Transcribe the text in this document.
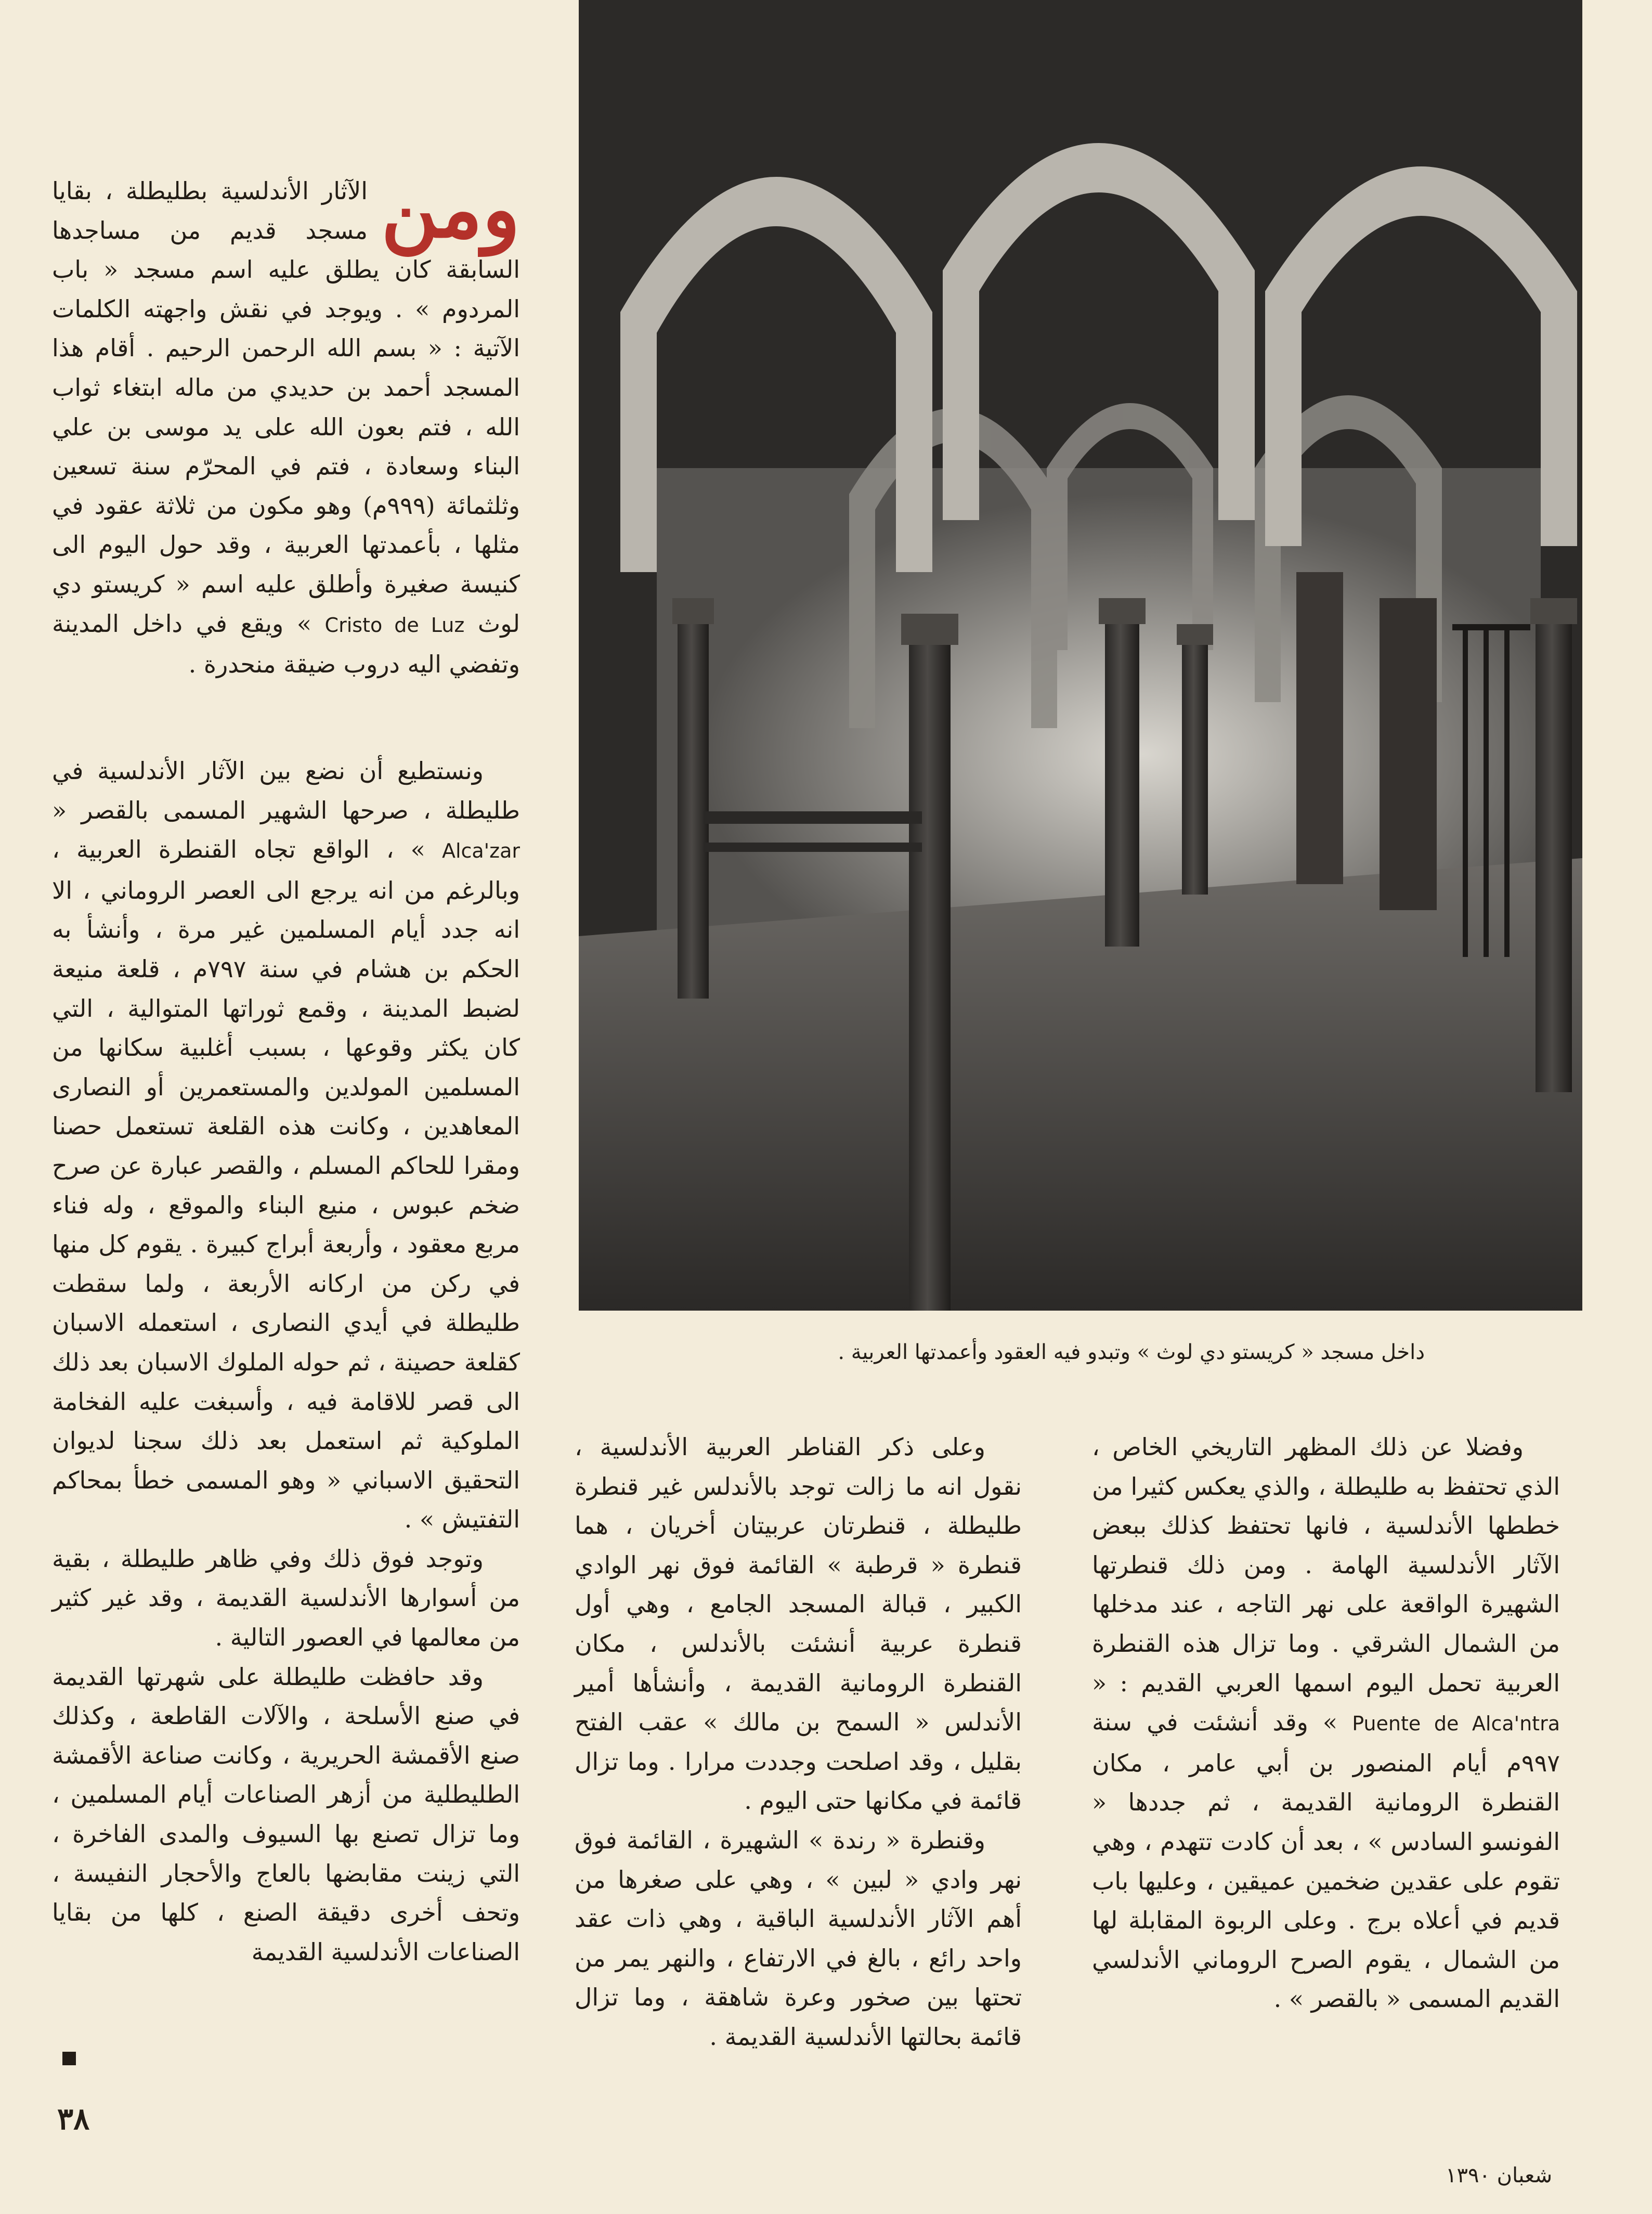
داخل مسجد « كريستو دي لوث » وتبدو فيه العقود وأعمدتها العربية .

ومن
الآثار الأندلسية بطليطلة ، بقايا مسجد قديم من مساجدها السابقة كان يطلق عليه اسم مسجد « باب المردوم » . ويوجد في نقش واجهته الكلمات الآتية : « بسم الله الرحمن الرحيم . أقام هذا المسجد أحمد بن حديدي من ماله ابتغاء ثواب الله ، فتم بعون الله على يد موسى بن علي البناء وسعادة ، فتم في المحرّم سنة تسعين وثلثمائة (٩٩٩م) وهو مكون من ثلاثة عقود في مثلها ، بأعمدتها العربية ، وقد حول اليوم الى كنيسة صغيرة وأطلق عليه اسم « كريستو دي لوث Cristo de Luz » ويقع في داخل المدينة وتفضي اليه دروب ضيقة منحدرة .

ونستطيع أن نضع بين الآثار الأندلسية في طليطلة ، صرحها الشهير المسمى بالقصر « Alca'zar » ، الواقع تجاه القنطرة العربية ، وبالرغم من انه يرجع الى العصر الروماني ، الا انه جدد أيام المسلمين غير مرة ، وأنشأ به الحكم بن هشام في سنة ٧٩٧م ، قلعة منيعة لضبط المدينة ، وقمع ثوراتها المتوالية ، التي كان يكثر وقوعها ، بسبب أغلبية سكانها من المسلمين المولدين والمستعمرين أو النصارى المعاهدين ، وكانت هذه القلعة تستعمل حصنا ومقرا للحاكم المسلم ، والقصر عبارة عن صرح ضخم عبوس ، منيع البناء والموقع ، وله فناء مربع معقود ، وأربعة أبراج كبيرة . يقوم كل منها في ركن من اركانه الأربعة ، ولما سقطت طليطلة في أيدي النصارى ، استعمله الاسبان كقلعة حصينة ، ثم حوله الملوك الاسبان بعد ذلك الى قصر للاقامة فيه ، وأسبغت عليه الفخامة الملوكية ثم استعمل بعد ذلك سجنا لديوان التحقيق الاسباني « وهو المسمى خطأ بمحاكم التفتيش » .

وتوجد فوق ذلك وفي ظاهر طليطلة ، بقية من أسوارها الأندلسية القديمة ، وقد غير كثير من معالمها في العصور التالية .

وقد حافظت طليطلة على شهرتها القديمة في صنع الأسلحة ، والآلات القاطعة ، وكذلك صنع الأقمشة الحريرية ، وكانت صناعة الأقمشة الطليطلية من أزهر الصناعات أيام المسلمين ، وما تزال تصنع بها السيوف والمدى الفاخرة ، التي زينت مقابضها بالعاج والأحجار النفيسة ، وتحف أخرى دقيقة الصنع ، كلها من بقايا الصناعات الأندلسية القديمة

وعلى ذكر القناطر العربية الأندلسية ، نقول انه ما زالت توجد بالأندلس غير قنطرة طليطلة ، قنطرتان عربيتان أخريان ، هما قنطرة « قرطبة » القائمة فوق نهر الوادي الكبير ، قبالة المسجد الجامع ، وهي أول قنطرة عربية أنشئت بالأندلس ، مكان القنطرة الرومانية القديمة ، وأنشأها أمير الأندلس « السمح بن مالك » عقب الفتح بقليل ، وقد اصلحت وجددت مرارا . وما تزال قائمة في مكانها حتى اليوم .

وقنطرة « رندة » الشهيرة ، القائمة فوق نهر وادي « لبين » ، وهي على صغرها من أهم الآثار الأندلسية الباقية ، وهي ذات عقد واحد رائع ، بالغ في الارتفاع ، والنهر يمر من تحتها بين صخور وعرة شاهقة ، وما تزال قائمة بحالتها الأندلسية القديمة .

وفضلا عن ذلك المظهر التاريخي الخاص ، الذي تحتفظ به طليطلة ، والذي يعكس كثيرا من خططها الأندلسية ، فانها تحتفظ كذلك ببعض الآثار الأندلسية الهامة . ومن ذلك قنطرتها الشهيرة الواقعة على نهر التاجه ، عند مدخلها من الشمال الشرقي . وما تزال هذه القنطرة العربية تحمل اليوم اسمها العربي القديم : « Puente de Alca'ntra » وقد أنشئت في سنة ٩٩٧م أيام المنصور بن أبي عامر ، مكان القنطرة الرومانية القديمة ، ثم جددها « الفونسو السادس » ، بعد أن كادت تتهدم ، وهي تقوم على عقدين ضخمين عميقين ، وعليها باب قديم في أعلاه برج . وعلى الربوة المقابلة لها من الشمال ، يقوم الصرح الروماني الأندلسي القديم المسمى « بالقصر » .

٣٨
شعبان ١٣٩٠
